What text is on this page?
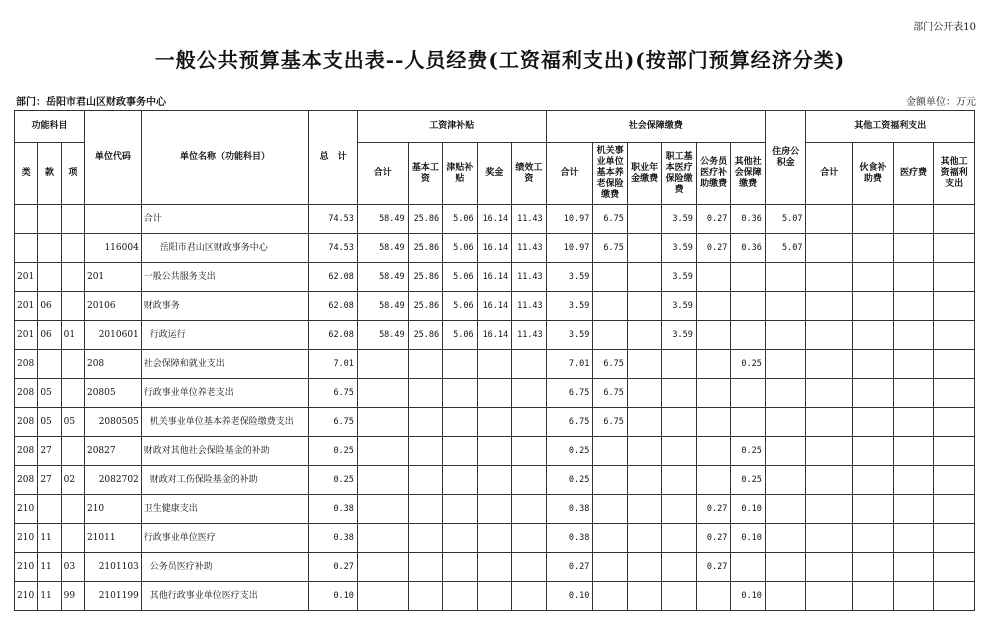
部门公开表10
一般公共预算基本支出表--人员经费(工资福利支出)(按部门预算经济分类)
部门：岳阳市君山区财政事务中心	金额单位：万元
功能科目			单位代码	单位名称（功能科目）	总　计	工资津补贴					社会保障缴费						住房公积金	其他工资福利支出			
类	款	项				合计	基本工资	津贴补贴	奖金	绩效工资	合计	机关事业单位基本养老保险缴费	职业年金缴费	职工基本医疗保险缴费	公务员医疗补助缴费	其他社会保障缴费		合计	伙食补助费	医疗费	其他工资福利支出
				合计	74.53	58.49	25.86	5.06	16.14	11.43	10.97	6.75		3.59	0.27	0.36	5.07				
			116004	岳阳市君山区财政事务中心	74.53	58.49	25.86	5.06	16.14	11.43	10.97	6.75		3.59	0.27	0.36	5.07				
201			201	一般公共服务支出	62.08	58.49	25.86	5.06	16.14	11.43	3.59			3.59							
201	06		20106	财政事务	62.08	58.49	25.86	5.06	16.14	11.43	3.59			3.59							
201	06	01	2010601	行政运行	62.08	58.49	25.86	5.06	16.14	11.43	3.59			3.59							
208			208	社会保障和就业支出	7.01						7.01	6.75				0.25					
208	05		20805	行政事业单位养老支出	6.75						6.75	6.75									
208	05	05	2080505	机关事业单位基本养老保险缴费支出	6.75						6.75	6.75									
208	27		20827	财政对其他社会保险基金的补助	0.25						0.25					0.25					
208	27	02	2082702	财政对工伤保险基金的补助	0.25						0.25					0.25					
210			210	卫生健康支出	0.38						0.38				0.27	0.10					
210	11		21011	行政事业单位医疗	0.38						0.38				0.27	0.10					
210	11	03	2101103	公务员医疗补助	0.27						0.27				0.27						
210	11	99	2101199	其他行政事业单位医疗支出	0.10						0.10					0.10					
